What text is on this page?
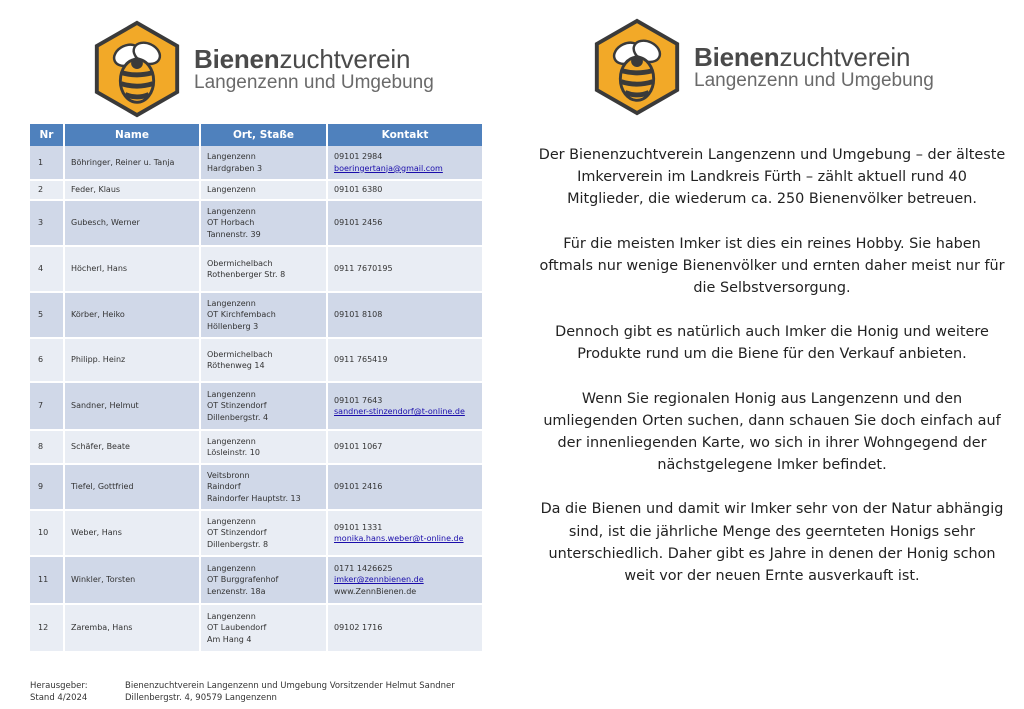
Bienenzuchtverein
Langenzenn und Umgebung
Bienenzuchtverein
Langenzenn und Umgebung
Nr	Name	Ort, Staße	Kontakt
1	Böhringer, Reiner u. Tanja	Langenzenn
Hardgraben 3	09101 2984
boeringertanja@gmail.com

2	Feder, Klaus	Langenzenn	09101 6380

3	Gubesch, Werner	Langenzenn
OT Horbach
Tannenstr. 39	09101 2456

4	Höcherl, Hans	Obermichelbach
Rothenberger Str. 8	0911 7670195

5	Körber, Heiko	Langenzenn
OT Kirchfembach
Höllenberg 3	09101 8108

6	Philipp. Heinz	Obermichelbach
Röthenweg 14	0911 765419

7	Sandner, Helmut	Langenzenn
OT Stinzendorf
Dillenbergstr. 4	09101 7643
sandner-stinzendorf@t-online.de

8	Schäfer, Beate	Langenzenn
Lösleinstr. 10	09101 1067

9	Tiefel, Gottfried	Veitsbronn
Raindorf
Raindorfer Hauptstr. 13	09101 2416

10	Weber, Hans	Langenzenn
OT Stinzendorf
Dillenbergstr. 8	09101 1331
monika.hans.weber@t-online.de

11	Winkler, Torsten	Langenzenn
OT Burggrafenhof
Lenzenstr. 18a	0171 1426625
imker@zennbienen.de
www.ZennBienen.de

12	Zaremba, Hans	Langenzenn
OT Laubendorf
Am Hang 4	09102 1716
Herausgeber:	Bienenzuchtverein Langenzenn und Umgebung Vorsitzender Helmut Sandner
Stand 4/2024	Dillenbergstr. 4, 90579 Langenzenn

Der Bienenzuchtverein Langenzenn und Umgebung – der älteste Imkerverein im Landkreis Fürth – zählt aktuell rund 40 Mitglieder, die wiederum ca. 250 Bienenvölker betreuen.

Für die meisten Imker ist dies ein reines Hobby. Sie haben oftmals nur wenige Bienenvölker und ernten daher meist nur für die Selbstversorgung.

Dennoch gibt es natürlich auch Imker die Honig und weitere Produkte rund um die Biene für den Verkauf anbieten.

Wenn Sie regionalen Honig aus Langenzenn und den umliegenden Orten suchen, dann schauen Sie doch einfach auf der innenliegenden Karte, wo sich in ihrer Wohngegend der nächstgelegene Imker befindet.

Da die Bienen und damit wir Imker sehr von der Natur abhängig sind, ist die jährliche Menge des geernteten Honigs sehr unterschiedlich. Daher gibt es Jahre in denen der Honig schon weit vor der neuen Ernte ausverkauft ist.
